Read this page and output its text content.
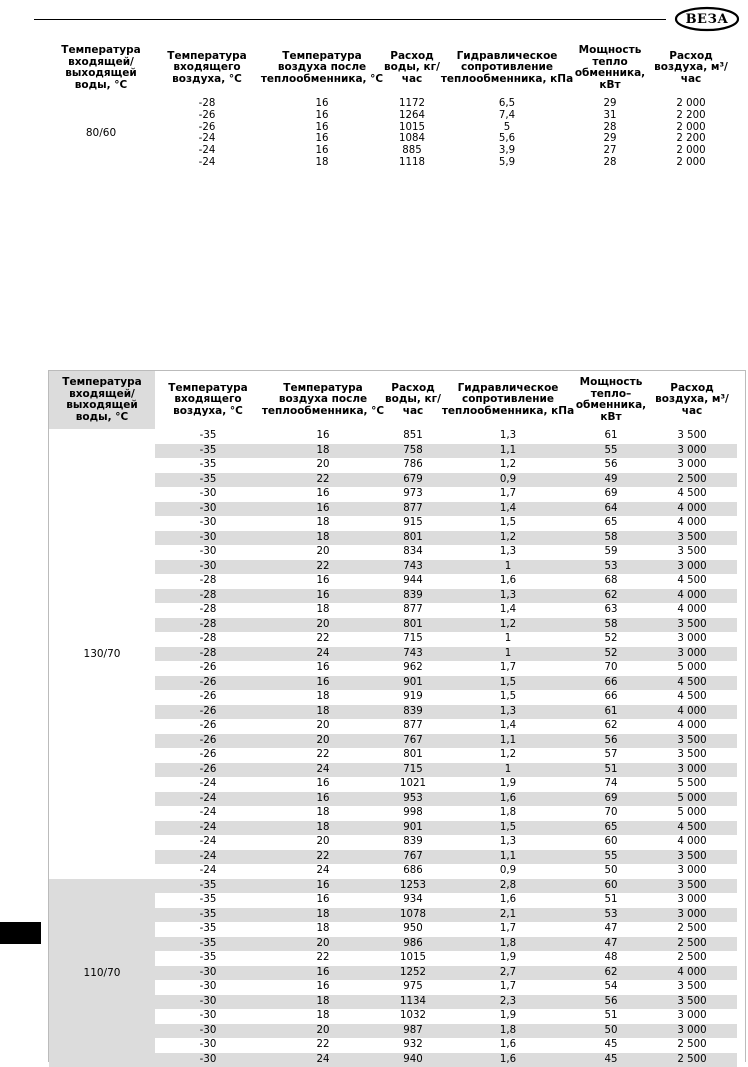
ВЕЗА
Температура входящей/ выходящей воды, °С
Температура входящего воздуха, °С
Температура воздуха после теплообменника, °С
Расход воды, кг/час
Гидравлическое сопротивление теплообменника, кПа
Мощность тепло обменника, кВт
Расход воздуха, м³/час
80/60
-28	16	1172	6,5	29	2 000
-26	16	1264	7,4	31	2 200
-26	16	1015	5	28	2 000
-24	16	1084	5,6	29	2 200
-24	16	885	3,9	27	2 000
-24	18	1118	5,9	28	2 000
Температура входящей/ выходящей воды, °С
Температура входящего воздуха, °С
Температура воздуха после теплообменника, °С
Расход воды, кг/час
Гидравлическое сопротивление теплообменника, кПа
Мощность тепло– обменника, кВт
Расход воздуха, м³/час
130/70
-35	16	851	1,3	61	3 500
-35	18	758	1,1	55	3 000
-35	20	786	1,2	56	3 000
-35	22	679	0,9	49	2 500
-30	16	973	1,7	69	4 500
-30	16	877	1,4	64	4 000
-30	18	915	1,5	65	4 000
-30	18	801	1,2	58	3 500
-30	20	834	1,3	59	3 500
-30	22	743	1	53	3 000
-28	16	944	1,6	68	4 500
-28	16	839	1,3	62	4 000
-28	18	877	1,4	63	4 000
-28	20	801	1,2	58	3 500
-28	22	715	1	52	3 000
-28	24	743	1	52	3 000
-26	16	962	1,7	70	5 000
-26	16	901	1,5	66	4 500
-26	18	919	1,5	66	4 500
-26	18	839	1,3	61	4 000
-26	20	877	1,4	62	4 000
-26	20	767	1,1	56	3 500
-26	22	801	1,2	57	3 500
-26	24	715	1	51	3 000
-24	16	1021	1,9	74	5 500
-24	16	953	1,6	69	5 000
-24	18	998	1,8	70	5 000
-24	18	901	1,5	65	4 500
-24	20	839	1,3	60	4 000
-24	22	767	1,1	55	3 500
-24	24	686	0,9	50	3 000
110/70
-35	16	1253	2,8	60	3 500
-35	16	934	1,6	51	3 000
-35	18	1078	2,1	53	3 000
-35	18	950	1,7	47	2 500
-35	20	986	1,8	47	2 500
-35	22	1015	1,9	48	2 500
-30	16	1252	2,7	62	4 000
-30	16	975	1,7	54	3 500
-30	18	1134	2,3	56	3 500
-30	18	1032	1,9	51	3 000
-30	20	987	1,8	50	3 000
-30	22	932	1,6	45	2 500
-30	24	940	1,6	45	2 500
